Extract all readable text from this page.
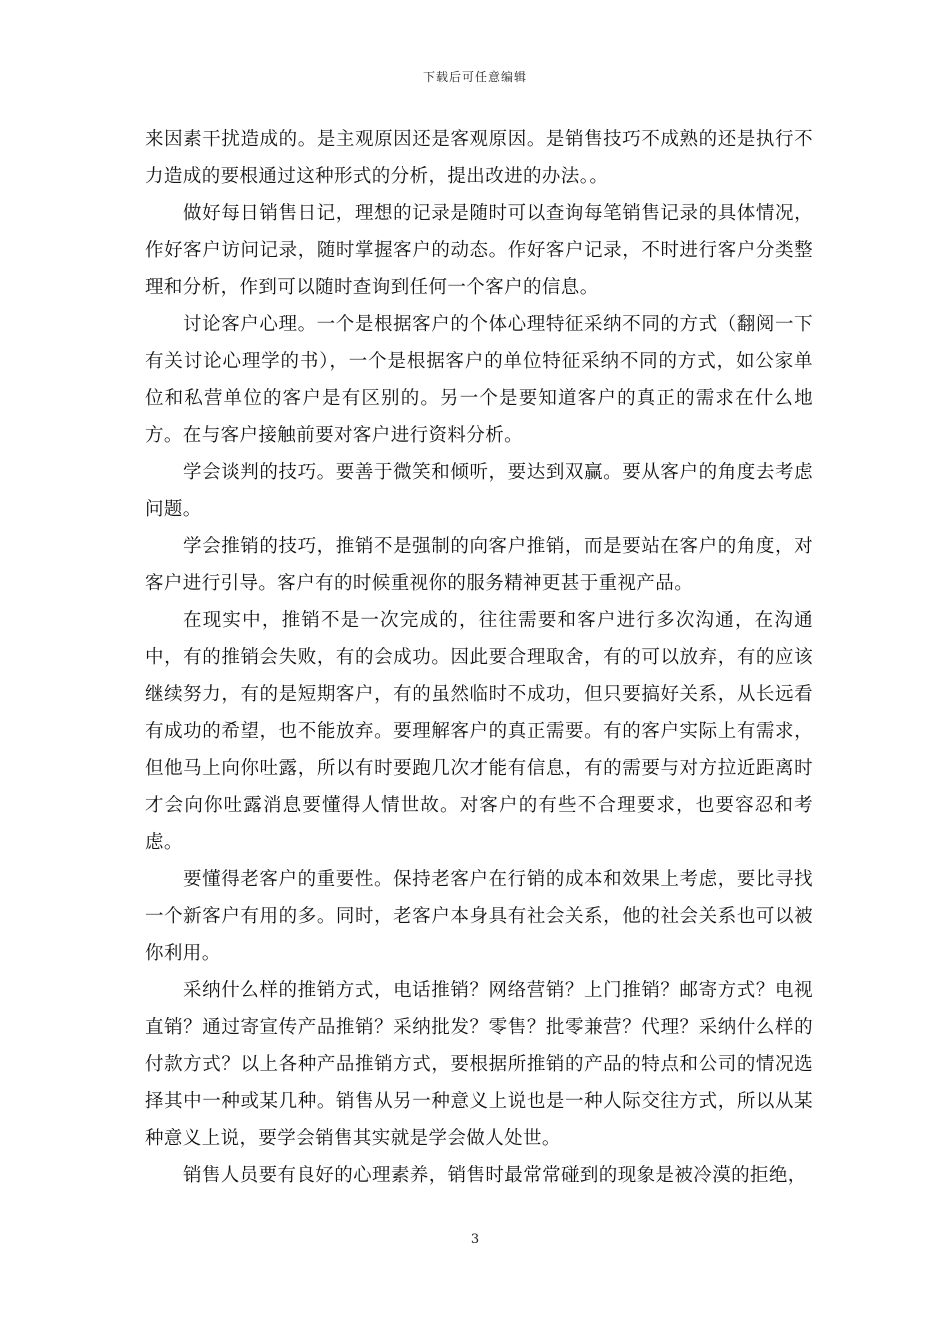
下载后可任意编辑

来因素干扰造成的。是主观原因还是客观原因。是销售技巧不成熟的还是执行不力造成的要根通过这种形式的分析，提出改进的办法。。

做好每日销售日记，理想的记录是随时可以查询每笔销售记录的具体情况，作好客户访问记录，随时掌握客户的动态。作好客户记录，不时进行客户分类整理和分析，作到可以随时查询到任何一个客户的信息。

讨论客户心理。一个是根据客户的个体心理特征采纳不同的方式（翻阅一下有关讨论心理学的书），一个是根据客户的单位特征采纳不同的方式，如公家单位和私营单位的客户是有区别的。另一个是要知道客户的真正的需求在什么地方。在与客户接触前要对客户进行资料分析。

学会谈判的技巧。要善于微笑和倾听，要达到双赢。要从客户的角度去考虑问题。

学会推销的技巧，推销不是强制的向客户推销，而是要站在客户的角度，对客户进行引导。客户有的时候重视你的服务精神更甚于重视产品。

在现实中，推销不是一次完成的，往往需要和客户进行多次沟通，在沟通中，有的推销会失败，有的会成功。因此要合理取舍，有的可以放弃，有的应该继续努力，有的是短期客户，有的虽然临时不成功，但只要搞好关系，从长远看有成功的希望，也不能放弃。要理解客户的真正需要。有的客户实际上有需求，但他马上向你吐露，所以有时要跑几次才能有信息，有的需要与对方拉近距离时才会向你吐露消息要懂得人情世故。对客户的有些不合理要求，也要容忍和考虑。

要懂得老客户的重要性。保持老客户在行销的成本和效果上考虑，要比寻找一个新客户有用的多。同时，老客户本身具有社会关系，他的社会关系也可以被你利用。

采纳什么样的推销方式，电话推销？网络营销？上门推销？邮寄方式？电视直销？通过寄宣传产品推销？采纳批发？零售？批零兼营？代理？采纳什么样的付款方式？以上各种产品推销方式，要根据所推销的产品的特点和公司的情况选择其中一种或某几种。销售从另一种意义上说也是一种人际交往方式，所以从某种意义上说，要学会销售其实就是学会做人处世。

销售人员要有良好的心理素养，销售时最常常碰到的现象是被冷漠的拒绝，

3
